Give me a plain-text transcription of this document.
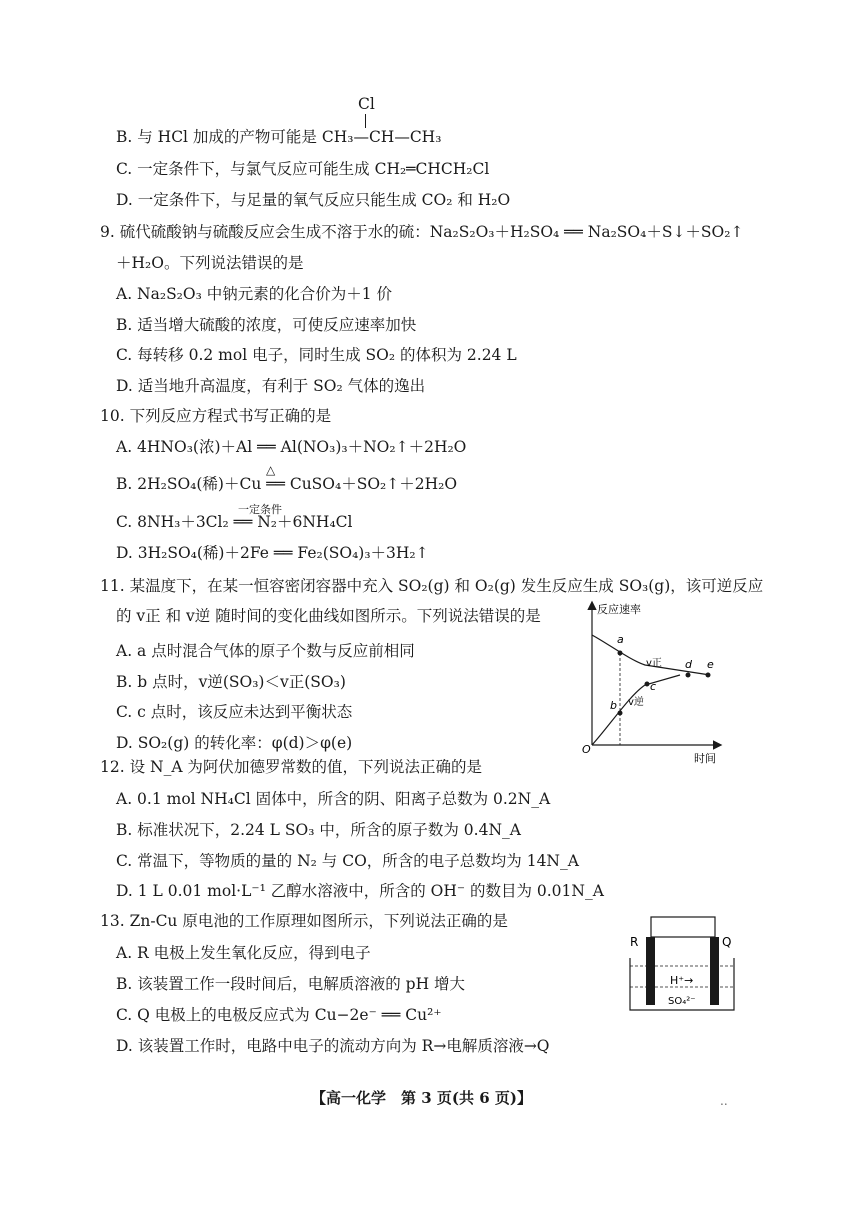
Cl
B. 与 HCl 加成的产物可能是 CH₃—CH—CH₃
C. 一定条件下，与氯气反应可能生成 CH₂═CHCH₂Cl
D. 一定条件下，与足量的氧气反应只能生成 CO₂ 和 H₂O
9. 硫代硫酸钠与硫酸反应会生成不溶于水的硫：Na₂S₂O₃＋H₂SO₄ ══ Na₂SO₄＋S↓＋SO₂↑
＋H₂O。下列说法错误的是
A. Na₂S₂O₃ 中钠元素的化合价为＋1 价
B. 适当增大硫酸的浓度，可使反应速率加快
C. 每转移 0.2 mol 电子，同时生成 SO₂ 的体积为 2.24 L
D. 适当地升高温度，有利于 SO₂ 气体的逸出
10. 下列反应方程式书写正确的是
A. 4HNO₃(浓)＋Al ══ Al(NO₃)₃＋NO₂↑＋2H₂O
△
B. 2H₂SO₄(稀)＋Cu ══ CuSO₄＋SO₂↑＋2H₂O
一定条件
C. 8NH₃＋3Cl₂ ══ N₂＋6NH₄Cl
D. 3H₂SO₄(稀)＋2Fe ══ Fe₂(SO₄)₃＋3H₂↑
11. 某温度下，在某一恒容密闭容器中充入 SO₂(g) 和 O₂(g) 发生反应生成 SO₃(g)，该可逆反应
的 v正 和 v逆 随时间的变化曲线如图所示。下列说法错误的是
A. a 点时混合气体的原子个数与反应前相同
B. b 点时，v逆(SO₃)＜v正(SO₃)
C. c 点时，该反应未达到平衡状态
D. SO₂(g) 的转化率：φ(d)＞φ(e)
反应速率
时间
O
a
b
c
d e
v正
v逆
12. 设 N_A 为阿伏加德罗常数的值，下列说法正确的是
A. 0.1 mol NH₄Cl 固体中，所含的阴、阳离子总数为 0.2N_A
B. 标准状况下，2.24 L SO₃ 中，所含的原子数为 0.4N_A
C. 常温下，等物质的量的 N₂ 与 CO，所含的电子总数均为 14N_A
D. 1 L 0.01 mol·L⁻¹ 乙醇水溶液中，所含的 OH⁻ 的数目为 0.01N_A
13. Zn-Cu 原电池的工作原理如图所示，下列说法正确的是
A. R 电极上发生氧化反应，得到电子
B. 该装置工作一段时间后，电解质溶液的 pH 增大
C. Q 电极上的电极反应式为 Cu−2e⁻ ══ Cu²⁺
D. 该装置工作时，电路中电子的流动方向为 R→电解质溶液→Q
R	Q
H⁺→
SO₄²⁻
【高一化学　第 3 页(共 6 页)】	..
